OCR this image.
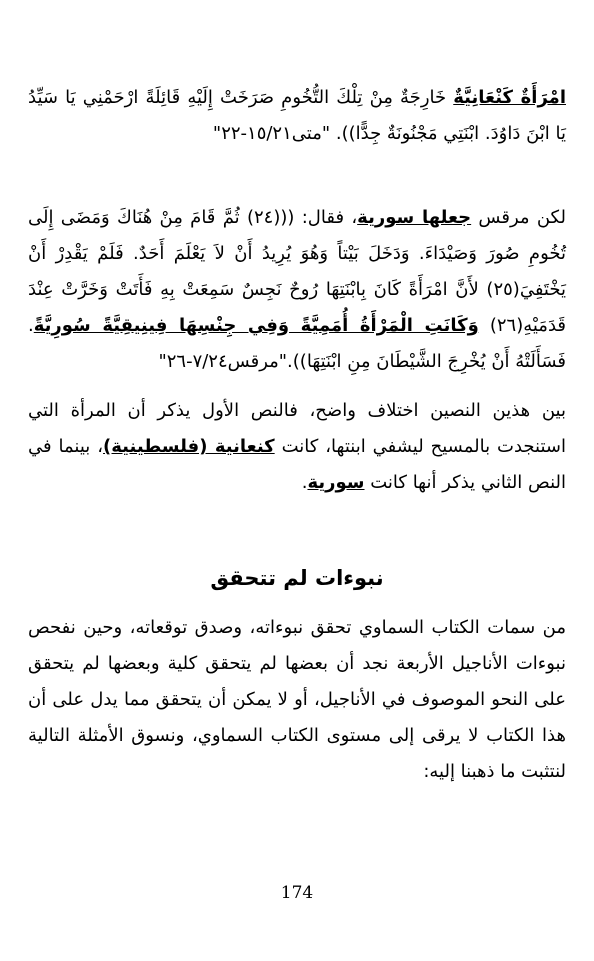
امْرَأَةٌ كَنْعَانِيَّةٌ خَارِجَةٌ مِنْ تِلْكَ التُّخُومِ صَرَخَتْ إِلَيْهِ قَائِلَةً ارْحَمْنِي يَا سَيِّدُ يَا ابْنَ دَاوُدَ. ابْنَتِي مَجْنُونَةٌ جِدًّا)). "متى١٥/٢١-٢٢"

لكن مرقس جعلها سورية، فقال: (((٢٤) ثُمَّ قَامَ مِنْ هُنَاكَ وَمَضَى إِلَى تُخُومِ صُورَ وَصَيْدَاءَ. وَدَخَلَ بَيْتاً وَهُوَ يُرِيدُ أَنْ لاَ يَعْلَمَ أَحَدٌ. فَلَمْ يَقْدِرْ أَنْ يَخْتَفِيَ(٢٥) لأَنَّ امْرَأَةً كَانَ بِابْنَتِهَا رُوحٌ نَجِسٌ سَمِعَتْ بِهِ فَأَتَتْ وَخَرَّتْ عِنْدَ قَدَمَيْهِ(٢٦) وَكَانَتِ الْمَرْأَةُ أُمَمِيَّةً وَفِي جِنْسِهَا فِينِيقِيَّةً سُورِيَّةً. فَسَأَلَتْهُ أَنْ يُخْرِجَ الشَّيْطَانَ مِنِ ابْنَتِهَا))."مرقس٧/٢٤-٢٦"

بين هذين النصين اختلاف واضح، فالنص الأول يذكر أن المرأة التي استنجدت بالمسيح ليشفي ابنتها، كانت كنعانية (فلسطينية)، بينما في النص الثاني يذكر أنها كانت سورية.

نبوءات لم تتحقق

من سمات الكتاب السماوي تحقق نبوءاته، وصدق توقعاته، وحين نفحص نبوءات الأناجيل الأربعة نجد أن بعضها لم يتحقق كلية وبعضها لم يتحقق على النحو الموصوف في الأناجيل، أو لا يمكن أن يتحقق مما يدل على أن هذا الكتاب لا يرقى إلى مستوى الكتاب السماوي، ونسوق الأمثلة التالية لنتثبت ما ذهبنا إليه:

174
